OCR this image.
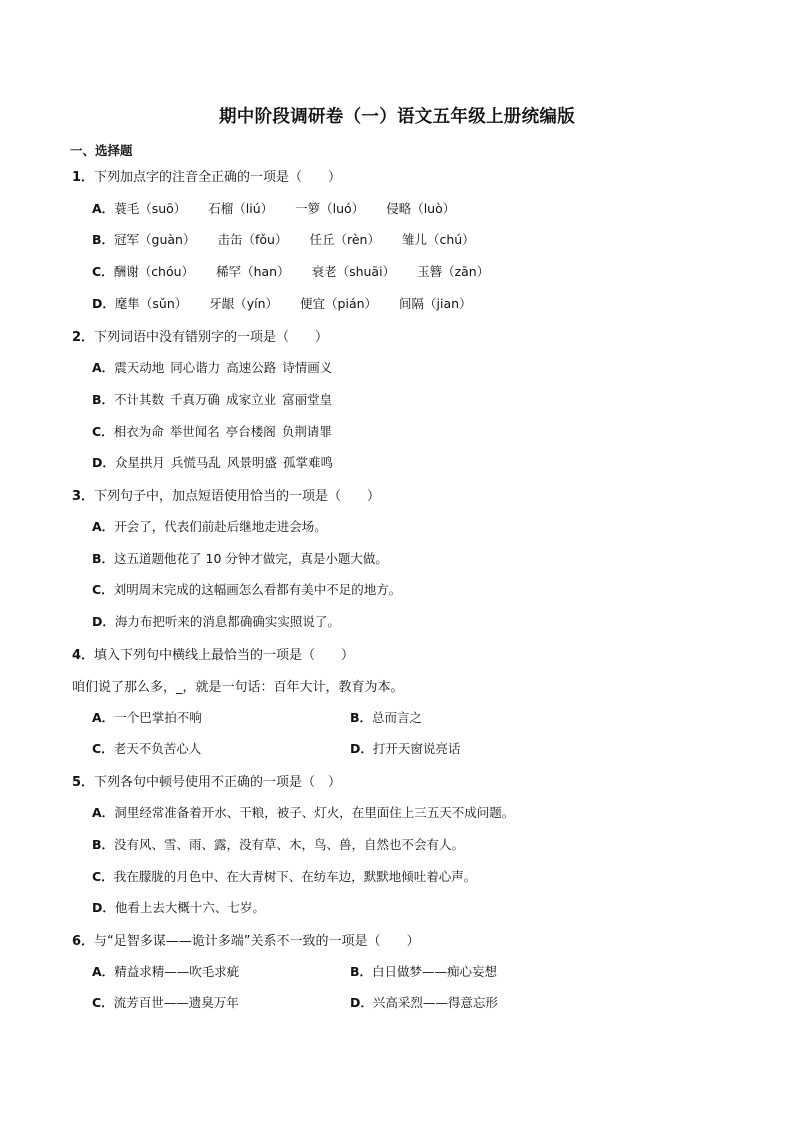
期中阶段调研卷（一）语文五年级上册统编版
一、选择题
1．下列加点字的注音全正确的一项是（　　）
A．蓑毛（suō） 石榴（liú） 一箩（luó） 侵略（luò）
B．冠军（guàn） 击缶（fǒu） 任丘（rèn） 雏儿（chú）
C．酬谢（chóu） 稀罕（han） 衰老（shuāi） 玉簪（zān）
D．麾隼（sǔn） 牙龈（yín） 便宜（pián） 间隔（jian）
2．下列词语中没有错别字的一项是（　　）
A．震天动地 同心谐力 高速公路 诗情画义
B．不计其数 千真万确 成家立业 富丽堂皇
C．相衣为命 举世闻名 亭台楼阁 负荆请罪
D．众星拱月 兵慌马乱 风景明盛 孤掌难鸣
3．下列句子中，加点短语使用恰当的一项是（　　）
A．开会了，代表们前赴后继地走进会场。
B．这五道题他花了 10 分钟才做完，真是小题大做。
C．刘明周末完成的这幅画怎么看都有美中不足的地方。
D．海力布把听来的消息都确确实实照说了。
4．填入下列句中横线上最恰当的一项是（　　）
咱们说了那么多，_，就是一句话：百年大计，教育为本。
A．一个巴掌拍不响	B．总而言之
C．老天不负苦心人	D．打开天窗说亮话
5．下列各句中顿号使用不正确的一项是（　）
A．洞里经常准备着开水、干粮，被子、灯火，在里面住上三五天不成问题。
B．没有风、雪、雨、露，没有草、木，鸟、兽，自然也不会有人。
C．我在朦胧的月色中、在大青树下、在纺车边，默默地倾吐着心声。
D．他看上去大概十六、七岁。
6．与“足智多谋——诡计多端”关系不一致的一项是（　　）
A．精益求精——吹毛求疵	B．白日做梦——痴心妄想
C．流芳百世——遗臭万年	D．兴高采烈——得意忘形
